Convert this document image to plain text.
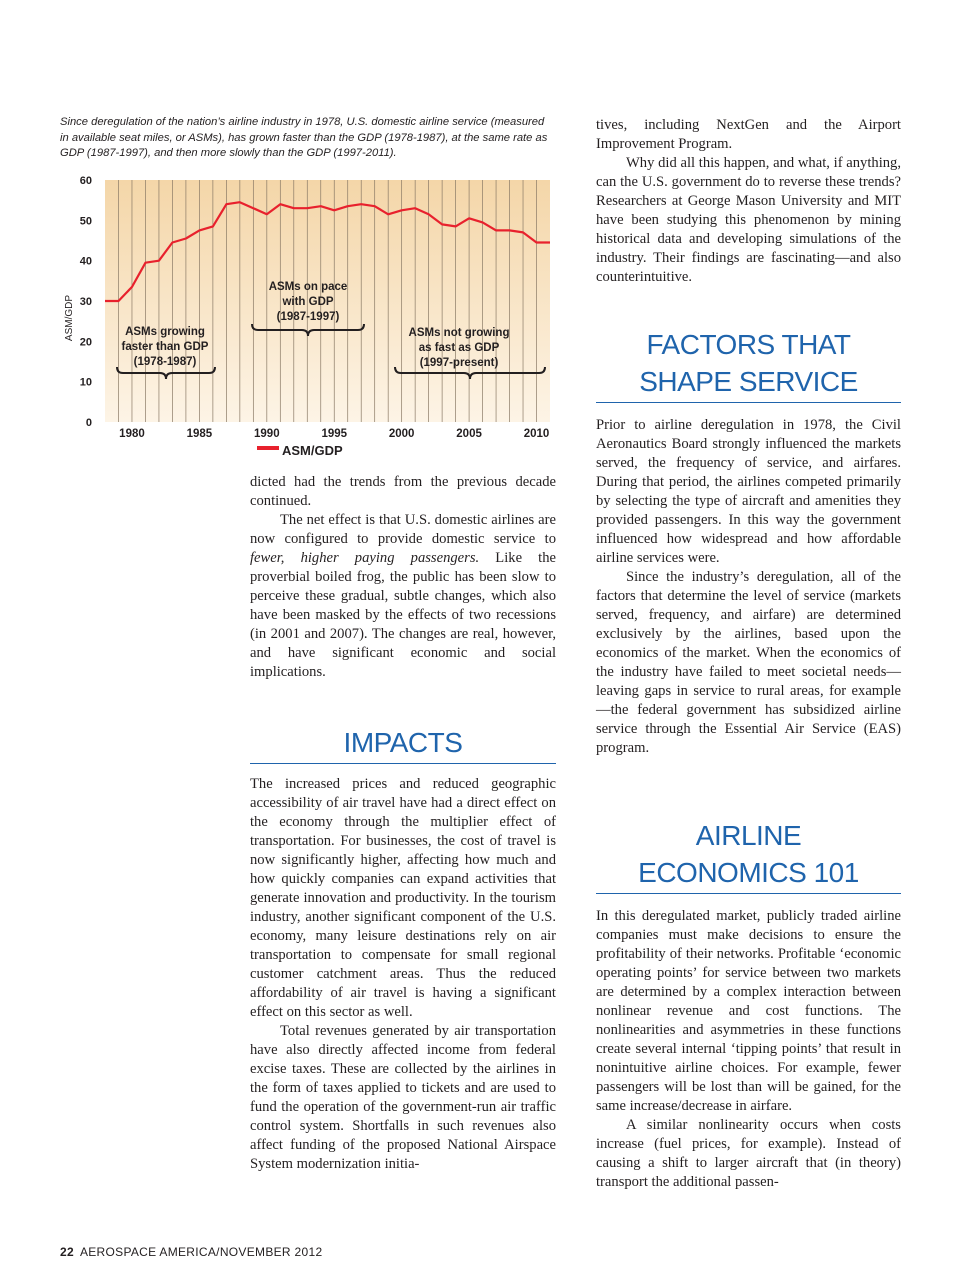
Since deregulation of the nation’s airline industry in 1978, U.S. domestic airline service (measured in available seat miles, or ASMs), has grown faster than the GDP (1978-1987), at the same rate as GDP (1987-1997), and then more slowly than the GDP (1997-2011).
0
10
20
30
40
50
60
1980	1985	1990	1995	2000	2005	2010
ASM/GDP	ASMs growing
faster than GDP
(1978-1987)
ASMs on pace
with GDP
(1987-1997)
ASMs not growing
as fast as GDP
(1997-present)
ASM/GDP

dicted had the trends from the previous decade continued.

The net effect is that U.S. domestic airlines are now configured to provide domestic service to fewer, higher paying passengers. Like the proverbial boiled frog, the public has been slow to perceive these gradual, subtle changes, which also have been masked by the effects of two recessions (in 2001 and 2007). The changes are real, however, and have significant economic and social implications.

IMPACTS

The increased prices and reduced geographic accessibility of air travel have had a direct effect on the economy through the multiplier effect of transportation. For businesses, the cost of travel is now significantly higher, affecting how much and how quickly companies can expand activities that generate innovation and productivity. In the tourism industry, another significant component of the U.S. economy, many leisure destinations rely on air transportation to compensate for small regional customer catchment areas. Thus the reduced affordability of air travel is having a significant effect on this sector as well.

Total revenues generated by air transportation have also directly affected income from federal excise taxes. These are collected by the airlines in the form of taxes applied to tickets and are used to fund the operation of the government-run air traffic control system. Shortfalls in such revenues also affect funding of the proposed National Airspace System modernization initia-

tives, including NextGen and the Airport Improvement Program.

Why did all this happen, and what, if anything, can the U.S. government do to reverse these trends? Researchers at George Mason University and MIT have been studying this phenomenon by mining historical data and developing simulations of the industry. Their findings are fascinating—and also counterintuitive.

FACTORS THAT
SHAPE SERVICE

Prior to airline deregulation in 1978, the Civil Aeronautics Board strongly influenced the markets served, the frequency of service, and airfares. During that period, the airlines competed primarily by selecting the type of aircraft and amenities they provided passengers. In this way the government influenced how widespread and how affordable airline services were.

Since the industry’s deregulation, all of the factors that determine the level of service (markets served, frequency, and airfare) are determined exclusively by the airlines, based upon the economics of the market. When the economics of the industry have failed to meet societal needs—leaving gaps in service to rural areas, for example—the federal government has subsidized airline service through the Essential Air Service (EAS) program.

AIRLINE
ECONOMICS 101

In this deregulated market, publicly traded airline companies must make decisions to ensure the profitability of their networks. Profitable ‘economic operating points’ for service between two markets are determined by a complex interaction between nonlinear revenue and cost functions. The nonlinearities and asymmetries in these functions create several internal ‘tipping points’ that result in nonintuitive airline choices. For example, fewer passengers will be lost than will be gained, for the same increase/decrease in airfare.

A similar nonlinearity occurs when costs increase (fuel prices, for example). Instead of causing a shift to larger aircraft that (in theory) transport the additional passen-

22 AEROSPACE AMERICA/NOVEMBER 2012
